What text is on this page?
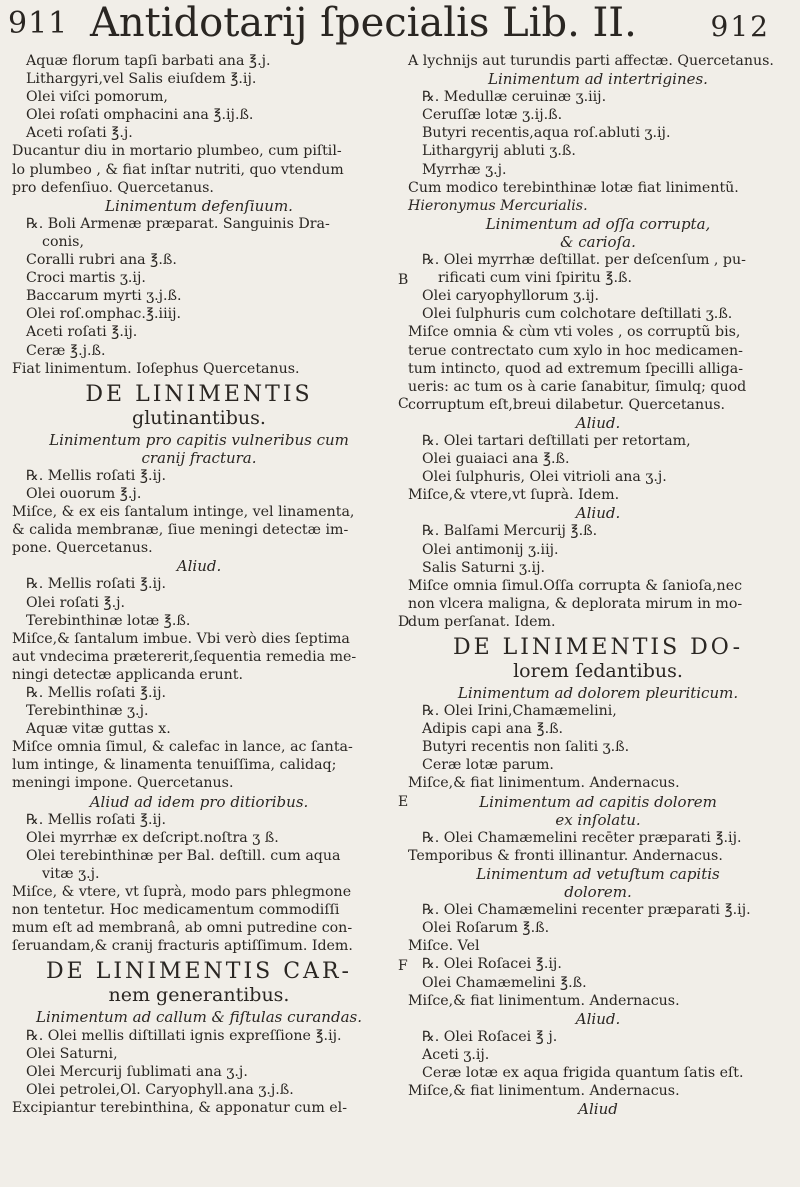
911 Antidotarij ſpecialis Lib. II.	912
Aquæ florum tapſi barbati ana ℥.j.
Lithargyri,vel Salis eiuſdem ℥.ij.
Olei viſci pomorum,
Olei roſati omphacini ana ℥.ij.ß.
Aceti roſati ℥.j.
Ducantur diu in mortario plumbeo, cum piſtil-
lo plumbeo , & fiat inſtar nutriti, quo vtendum
pro defenſiuo. Quercetanus.
Linimentum defenſiuum.
℞. Boli Armenæ præparat. Sanguinis Dra-
conis,
Coralli rubri ana ℥.ß.
Croci martis ʒ.ij.
Baccarum myrti ʒ.j.ß.
Olei roſ.omphac.℥.iiij.
Aceti roſati ℥.ij.
Ceræ ℥.j.ß.
Fiat linimentum. Ioſephus Quercetanus.
DE LINIMENTIS
glutinantibus.
Linimentum pro capitis vulneribus cum
cranij fractura.
℞. Mellis roſati ℥.ij.
Olei ouorum ℥.j.
Miſce, & ex eis ſantalum intinge, vel linamenta,
& calida membranæ, ſiue meningi detectæ im-
pone. Quercetanus.
Aliud.
℞. Mellis roſati ℥.ij.
Olei roſati ℥.j.
Terebinthinæ lotæ ℥.ß.
Miſce,& ſantalum imbue. Vbi verò dies ſeptima
aut vndecima prætererit,ſequentia remedia me-
ningi detectæ applicanda erunt.
℞. Mellis roſati ℥.ij.
Terebinthinæ ʒ.j.
Aquæ vitæ guttas x.
Miſce omnia ſimul, & calefac in lance, ac ſanta-
lum intinge, & linamenta tenuiſſima, calidaq;
meningi impone. Quercetanus.
Aliud ad idem pro ditioribus.
℞. Mellis roſati ℥.ij.
Olei myrrhæ ex deſcript.noſtra ʒ ß.
Olei terebinthinæ per Bal. deſtill. cum aqua
vitæ ʒ.j.
Miſce, & vtere, vt ſuprà, modo pars phlegmone
non tentetur. Hoc medicamentum commodiſſi
mum eſt ad membranâ, ab omni putredine con-
ſeruandam,& cranij fracturis aptiſſimum. Idem.
DE LINIMENTIS CAR-
nem generantibus.
Linimentum ad callum & fiſtulas curandas.
℞. Olei mellis diſtillati ignis expreſſione ℥.ij.
Olei Saturni,
Olei Mercurij ſublimati ana ʒ.j.
Olei petrolei,Ol. Caryophyll.ana ʒ.j.ß.
Excipiantur terebinthina, & apponatur cum el-
A lychnijs aut turundis parti affectæ. Quercetanus.
Linimentum ad intertrigines.
℞. Medullæ ceruinæ ʒ.iij.
Ceruſſæ lotæ ʒ.ij.ß.
Butyri recentis,aqua roſ.abluti ʒ.ij.
Lithargyrij abluti ʒ.ß.
Myrrhæ ʒ.j.
Cum modico terebinthinæ lotæ fiat linimentũ.
Hieronymus Mercurialis.
Linimentum ad oſſa corrupta,
& carioſa.
℞. Olei myrrhæ deſtillat. per deſcenſum , pu-
rificati cum vini ſpiritu ℥.ß.
Olei caryophyllorum ʒ.ij.
Olei ſulphuris cum colchotare deſtillati ʒ.ß.
Miſce omnia & cùm vti voles , os corruptũ bis,
terue contrectato cum xylo in hoc medicamen-
tum intincto, quod ad extremum ſpecilli alliga-
ueris: ac tum os à carie ſanabitur, ſimulq; quod
corruptum eſt,breui dilabetur. Quercetanus.
Aliud.
℞. Olei tartari deſtillati per retortam,
Olei guaiaci ana ℥.ß.
Olei ſulphuris, Olei vitrioli ana ʒ.j.
Miſce,& vtere,vt ſuprà. Idem.
Aliud.
℞. Balſami Mercurij ℥.ß.
Olei antimonij ʒ.iij.
Salis Saturni ʒ.ij.
Miſce omnia ſimul.Oſſa corrupta & ſanioſa,nec
non vlcera maligna, & deplorata mirum in mo-
dum perſanat. Idem.
DE LINIMENTIS DO-
lorem ſedantibus.
Linimentum ad dolorem pleuriticum.
℞. Olei Irini,Chamæmelini,
Adipis capi ana ℥.ß.
Butyri recentis non ſaliti ʒ.ß.
Ceræ lotæ parum.
Miſce,& fiat linimentum. Andernacus.
Linimentum ad capitis dolorem
ex inſolatu.
℞. Olei Chamæmelini recēter præparati ℥.ij.
Temporibus & fronti illinantur. Andernacus.
Linimentum ad vetuſtum capitis
dolorem.
℞. Olei Chamæmelini recenter præparati ℥.ij.
Olei Roſarum ℥.ß.
Miſce. Vel
℞. Olei Roſacei ℥.ij.
Olei Chamæmelini ℥.ß.
Miſce,& fiat linimentum. Andernacus.
Aliud.
℞. Olei Roſacei ℥ j.
Aceti ʒ.ij.
Ceræ lotæ ex aqua frigida quantum ſatis eſt.
Miſce,& fiat linimentum. Andernacus.
Aliud
B
C
D
E
F
